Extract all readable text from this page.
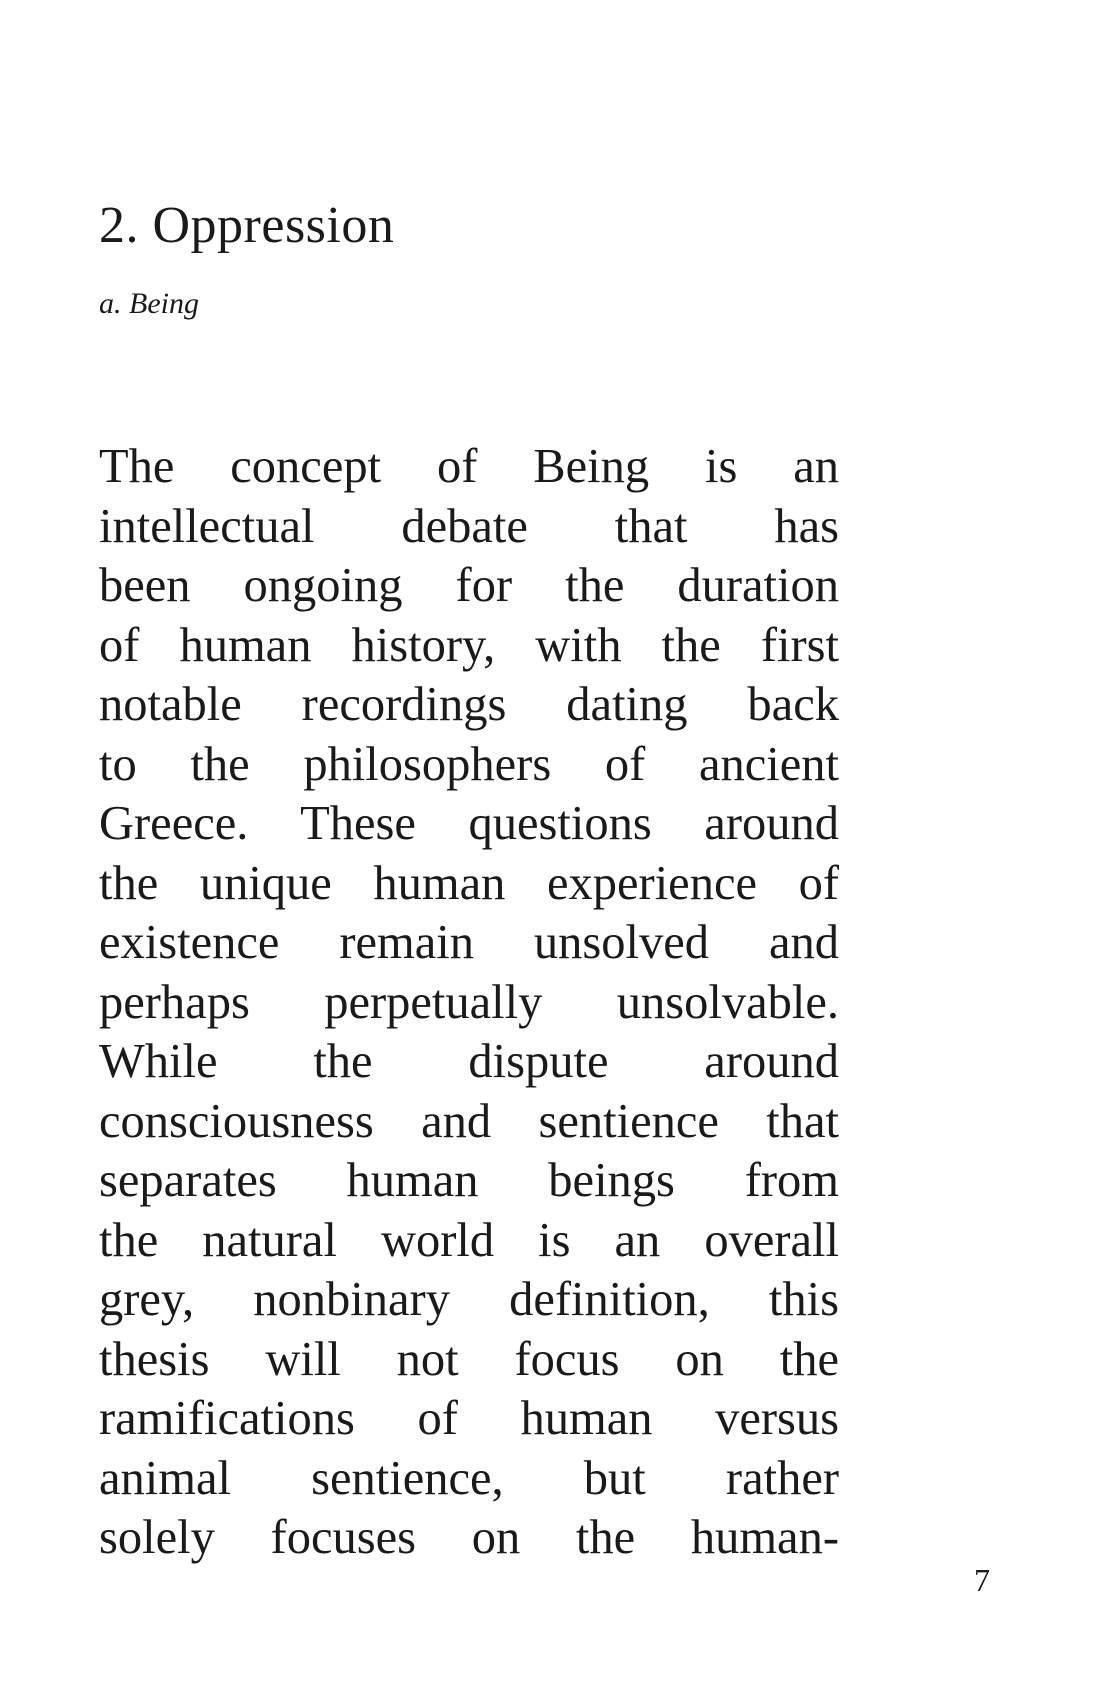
2. Oppression

a. Being

The concept of Being is an
intellectual debate that has
been ongoing for the duration
of human history, with the first
notable recordings dating back
to the philosophers of ancient
Greece. These questions around
the unique human experience of
existence remain unsolved and
perhaps perpetually unsolvable.
While the dispute around
consciousness and sentience that
separates human beings from
the natural world is an overall
grey, nonbinary definition, this
thesis will not focus on the
ramifications of human versus
animal sentience, but rather
solely focuses on the human-
7
